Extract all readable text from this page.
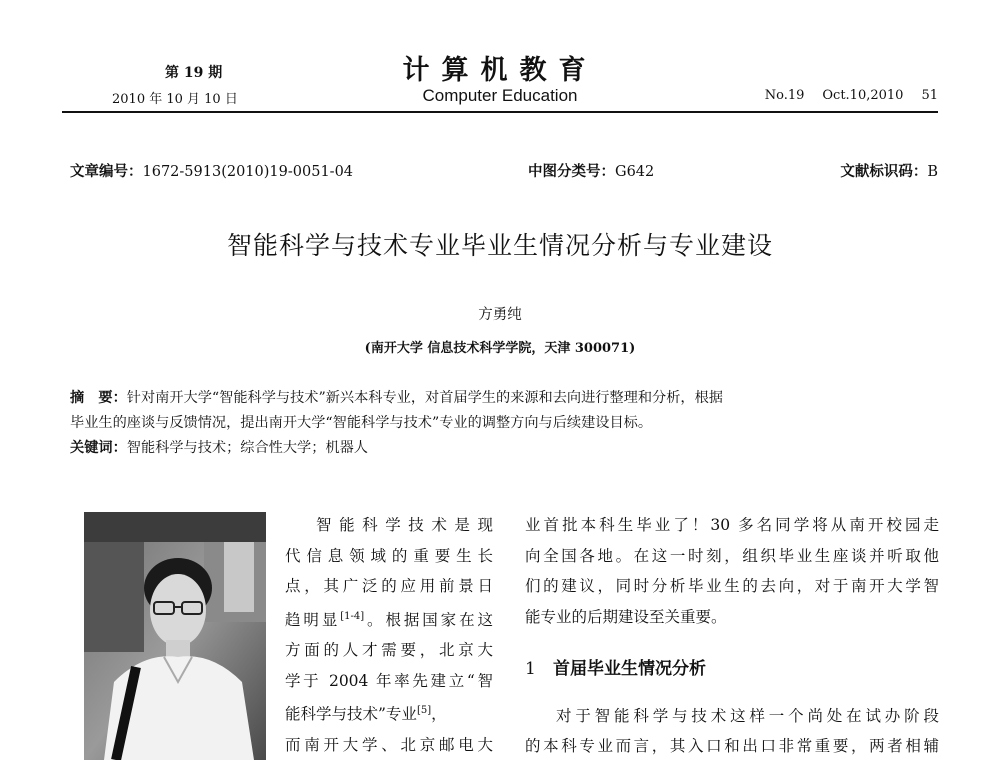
第 19 期
2010 年 10 月 10 日
计算机教育
Computer Education	No.19 Oct.10,2010 51
文章编号：1672-5913(2010)19-0051-04	中图分类号：G642	文献标识码：B
智能科学与技术专业毕业生情况分析与专业建设
方勇纯
(南开大学 信息技术科学学院，天津 300071)

摘　要：针对南开大学“智能科学与技术”新兴本科专业，对首届学生的来源和去向进行整理和分析，根据

毕业生的座谈与反馈情况，提出南开大学“智能科学与技术”专业的调整方向与后续建设目标。

关键词：智能科学与技术；综合性大学；机器人

智能科学技术是现

代信息领域的重要生长

点，其广泛的应用前景日

趋明显[1-4]。根据国家在这

方面的人才需要，北京大

学于 2004 年率先建立“智

能科学与技术”专业[5]，

而南开大学、北京邮电大

业首批本科生毕业了！30 多名同学将从南开校园走

向全国各地。在这一时刻，组织毕业生座谈并听取他

们的建议，同时分析毕业生的去向，对于南开大学智

能专业的后期建设至关重要。

1 首届毕业生情况分析

对于智能科学与技术这样一个尚处在试办阶段

的本科专业而言，其入口和出口非常重要，两者相辅
